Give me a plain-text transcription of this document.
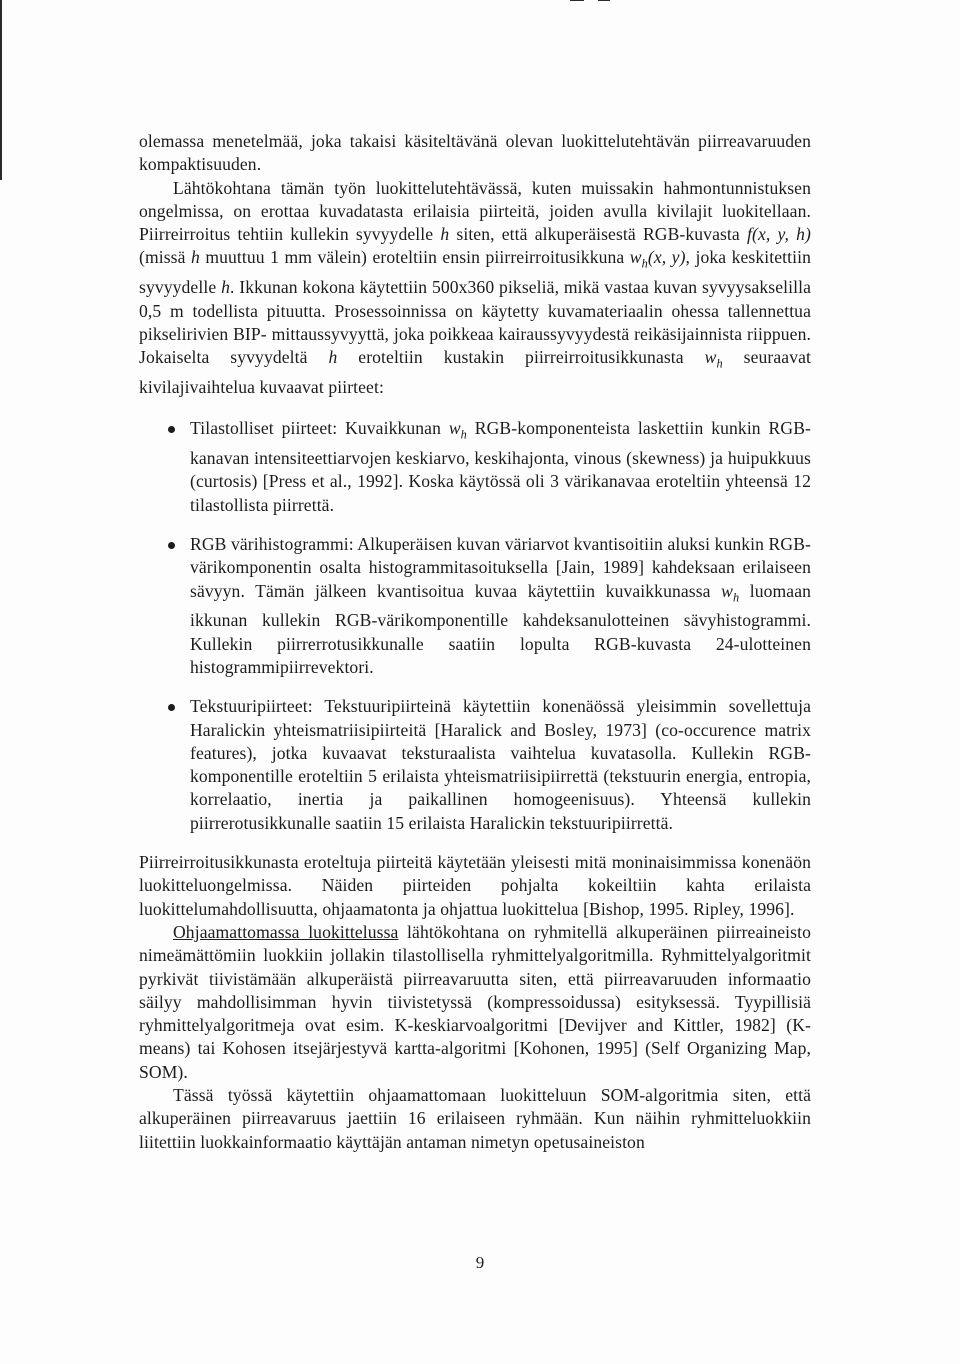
olemassa menetelmää, joka takaisi käsiteltävänä olevan luokittelutehtävän piirreavaruuden kompaktisuuden.

Lähtökohtana tämän työn luokittelutehtävässä, kuten muissakin hahmontunnistuksen ongelmissa, on erottaa kuvadatasta erilaisia piirteitä, joiden avulla kivilajit luokitellaan. Piirreirroitus tehtiin kullekin syvyydelle h siten, että alkuperäisestä RGB-kuvasta f(x, y, h) (missä h muuttuu 1 mm välein) eroteltiin ensin piirreirroitusikkuna $w_h(x$, y), joka keskitettiin syvyydelle h. Ikkunan kokona käytettiin 500x360 pikseliä, mikä vastaa kuvan syvyysakselilla 0,5 m todellista pituutta. Prosessoinnissa on käytetty kuvamateriaalin ohessa tallennettua pikselirivien BIP- mittaussyvyyttä, joka poikkeaa kairaussyvyydestä reikäsijainnista riippuen. Jokaiselta syvyydeltä h eroteltiin kustakin piirreirroitusikkunasta $w_h$ seuraavat kivilajivaihtelua kuvaavat piirteet:

Tilastolliset piirteet: Kuvaikkunan $w_h$ RGB-komponenteista laskettiin kunkin RGB-kanavan intensiteettiarvojen keskiarvo, keskihajonta, vinous (skewness) ja huipukkuus (curtosis) [Press et al., 1992]. Koska käytössä oli 3 värikanavaa eroteltiin yhteensä 12 tilastollista piirrettä.
RGB värihistogrammi: Alkuperäisen kuvan väriarvot kvantisoitiin aluksi kunkin RGB-värikomponentin osalta histogrammitasoituksella [Jain, 1989] kahdeksaan erilaiseen sävyyn. Tämän jälkeen kvantisoitua kuvaa käytettiin kuvaikkunassa $w_h$ luomaan ikkunan kullekin RGB-värikomponentille kahdeksanulotteinen sävyhistogrammi. Kullekin piirrerrotusikkunalle saatiin lopulta RGB-kuvasta 24-ulotteinen histogrammipiirrevektori.
Tekstuuripiirteet: Tekstuuripiirteinä käytettiin konenäössä yleisimmin sovellettuja Haralickin yhteismatriisipiirteitä [Haralick and Bosley, 1973] (co-occurence matrix features), jotka kuvaavat teksturaalista vaihtelua kuvatasolla. Kullekin RGB-komponentille eroteltiin 5 erilaista yhteismatriisipiirrettä (tekstuurin energia, entropia, korrelaatio, inertia ja paikallinen homogeenisuus). Yhteensä kullekin piirrerotusikkunalle saatiin 15 erilaista Haralickin tekstuuripiirrettä.

Piirreirroitusikkunasta eroteltuja piirteitä käytetään yleisesti mitä moninaisimmissa konenäön luokitteluongelmissa. Näiden piirteiden pohjalta kokeiltiin kahta erilaista luokittelumahdollisuutta, ohjaamatonta ja ohjattua luokittelua [Bishop, 1995. Ripley, 1996].

Ohjaamattomassa luokittelussa lähtökohtana on ryhmitellä alkuperäinen piirreaineisto nimeämättömiin luokkiin jollakin tilastollisella ryhmittelyalgoritmilla. Ryhmittelyalgoritmit pyrkivät tiivistämään alkuperäistä piirreavaruutta siten, että piirreavaruuden informaatio säilyy mahdollisimman hyvin tiivistetyssä (kompressoidussa) esityksessä. Tyypillisiä ryhmittelyalgoritmeja ovat esim. K-keskiarvoalgoritmi [Devijver and Kittler, 1982] (K-means) tai Kohosen itsejärjestyvä kartta-algoritmi [Kohonen, 1995] (Self Organizing Map, SOM).

Tässä työssä käytettiin ohjaamattomaan luokitteluun SOM-algoritmia siten, että alkuperäinen piirreavaruus jaettiin 16 erilaiseen ryhmään. Kun näihin ryhmitteluokkiin liitettiin luokkainformaatio käyttäjän antaman nimetyn opetusaineiston

9
